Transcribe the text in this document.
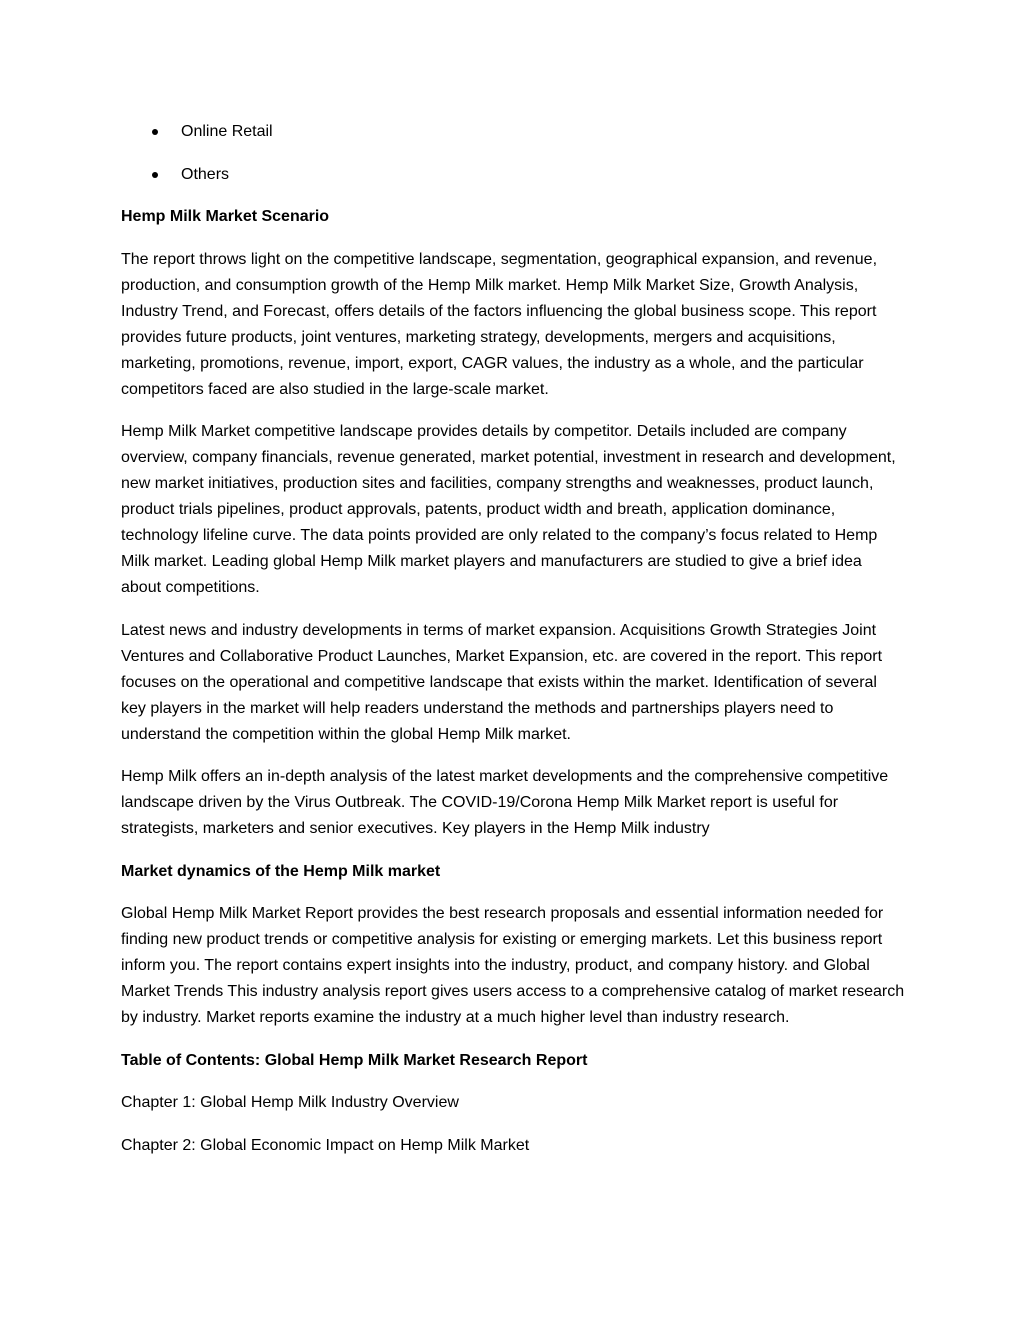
Online Retail
Others
Hemp Milk Market Scenario

The report throws light on the competitive landscape, segmentation, geographical expansion, and revenue, production, and consumption growth of the Hemp Milk market. Hemp Milk Market Size, Growth Analysis, Industry Trend, and Forecast, offers details of the factors influencing the global business scope. This report provides future products, joint ventures, marketing strategy, developments, mergers and acquisitions, marketing, promotions, revenue, import, export, CAGR values, the industry as a whole, and the particular competitors faced are also studied in the large-scale market.

Hemp Milk Market competitive landscape provides details by competitor. Details included are company overview, company financials, revenue generated, market potential, investment in research and development, new market initiatives, production sites and facilities, company strengths and weaknesses, product launch, product trials pipelines, product approvals, patents, product width and breath, application dominance, technology lifeline curve. The data points provided are only related to the company’s focus related to Hemp Milk market. Leading global Hemp Milk market players and manufacturers are studied to give a brief idea about competitions.

Latest news and industry developments in terms of market expansion. Acquisitions Growth Strategies Joint Ventures and Collaborative Product Launches, Market Expansion, etc. are covered in the report. This report focuses on the operational and competitive landscape that exists within the market. Identification of several key players in the market will help readers understand the methods and partnerships players need to understand the competition within the global Hemp Milk market.

Hemp Milk offers an in-depth analysis of the latest market developments and the comprehensive competitive landscape driven by the Virus Outbreak. The COVID-19/Corona Hemp Milk Market report is useful for strategists, marketers and senior executives. Key players in the Hemp Milk industry

Market dynamics of the Hemp Milk market

Global Hemp Milk Market Report provides the best research proposals and essential information needed for finding new product trends or competitive analysis for existing or emerging markets. Let this business report inform you. The report contains expert insights into the industry, product, and company history. and Global Market Trends This industry analysis report gives users access to a comprehensive catalog of market research by industry. Market reports examine the industry at a much higher level than industry research.

Table of Contents: Global Hemp Milk Market Research Report

Chapter 1: Global Hemp Milk Industry Overview

Chapter 2: Global Economic Impact on Hemp Milk Market
